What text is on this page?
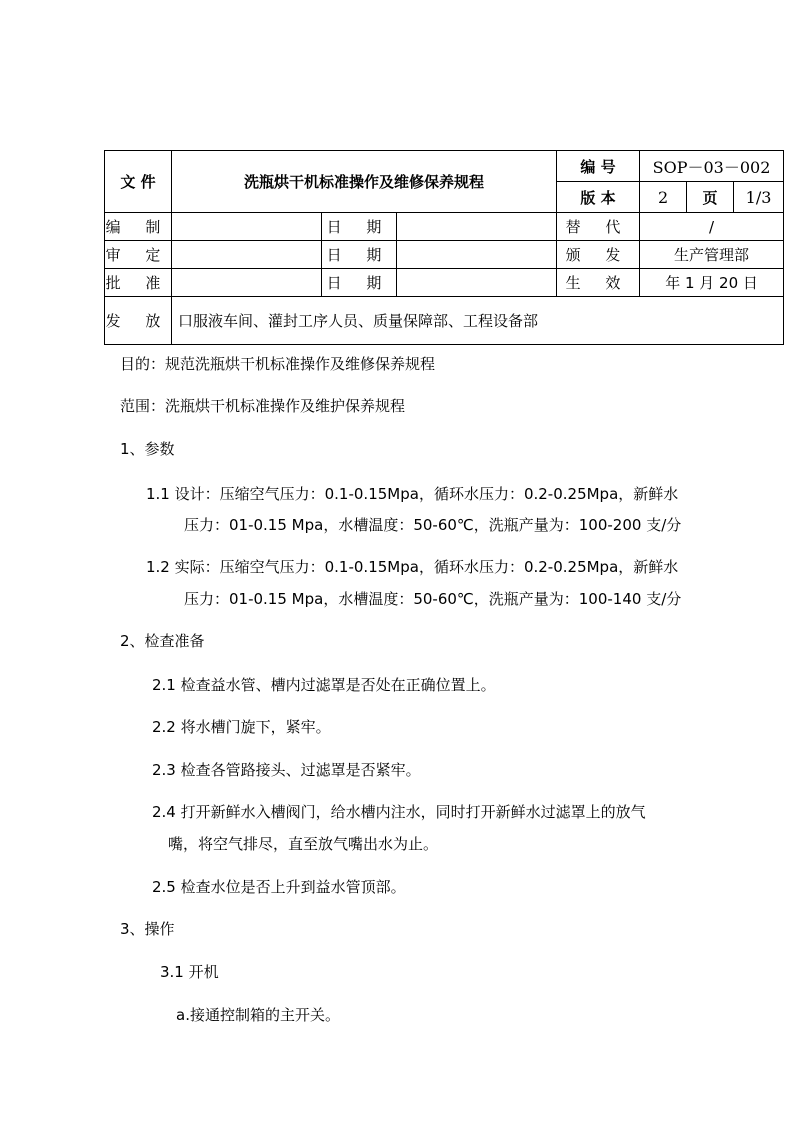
文 件	洗瓶烘干机标准操作及维修保养规程			编 号	SOP－03－002		
				版 本	2	页	1/3
编 制		日 期		替 代	/		
审 定		日 期		颁 发	生产管理部		
批 准		日 期		生 效	年 1 月 20 日		
发 放	口服液车间、灌封工序人员、质量保障部、工程设备部						
目的：规范洗瓶烘干机标准操作及维修保养规程
范围：洗瓶烘干机标准操作及维护保养规程
1、参数
1.1 设计：压缩空气压力：0.1-0.15Mpa，循环水压力：0.2-0.25Mpa，新鲜水
压力：01-0.15 Mpa，水槽温度：50-60℃，洗瓶产量为：100-200 支/分
1.2 实际：压缩空气压力：0.1-0.15Mpa，循环水压力：0.2-0.25Mpa，新鲜水
压力：01-0.15 Mpa，水槽温度：50-60℃，洗瓶产量为：100-140 支/分
2、检查准备
2.1 检查益水管、槽内过滤罩是否处在正确位置上。
2.2 将水槽门旋下，紧牢。
2.3 检查各管路接头、过滤罩是否紧牢。
2.4 打开新鲜水入槽阀门，给水槽内注水，同时打开新鲜水过滤罩上的放气
嘴，将空气排尽，直至放气嘴出水为止。
2.5 检查水位是否上升到益水管顶部。
3、操作
3.1 开机
a.接通控制箱的主开关。
